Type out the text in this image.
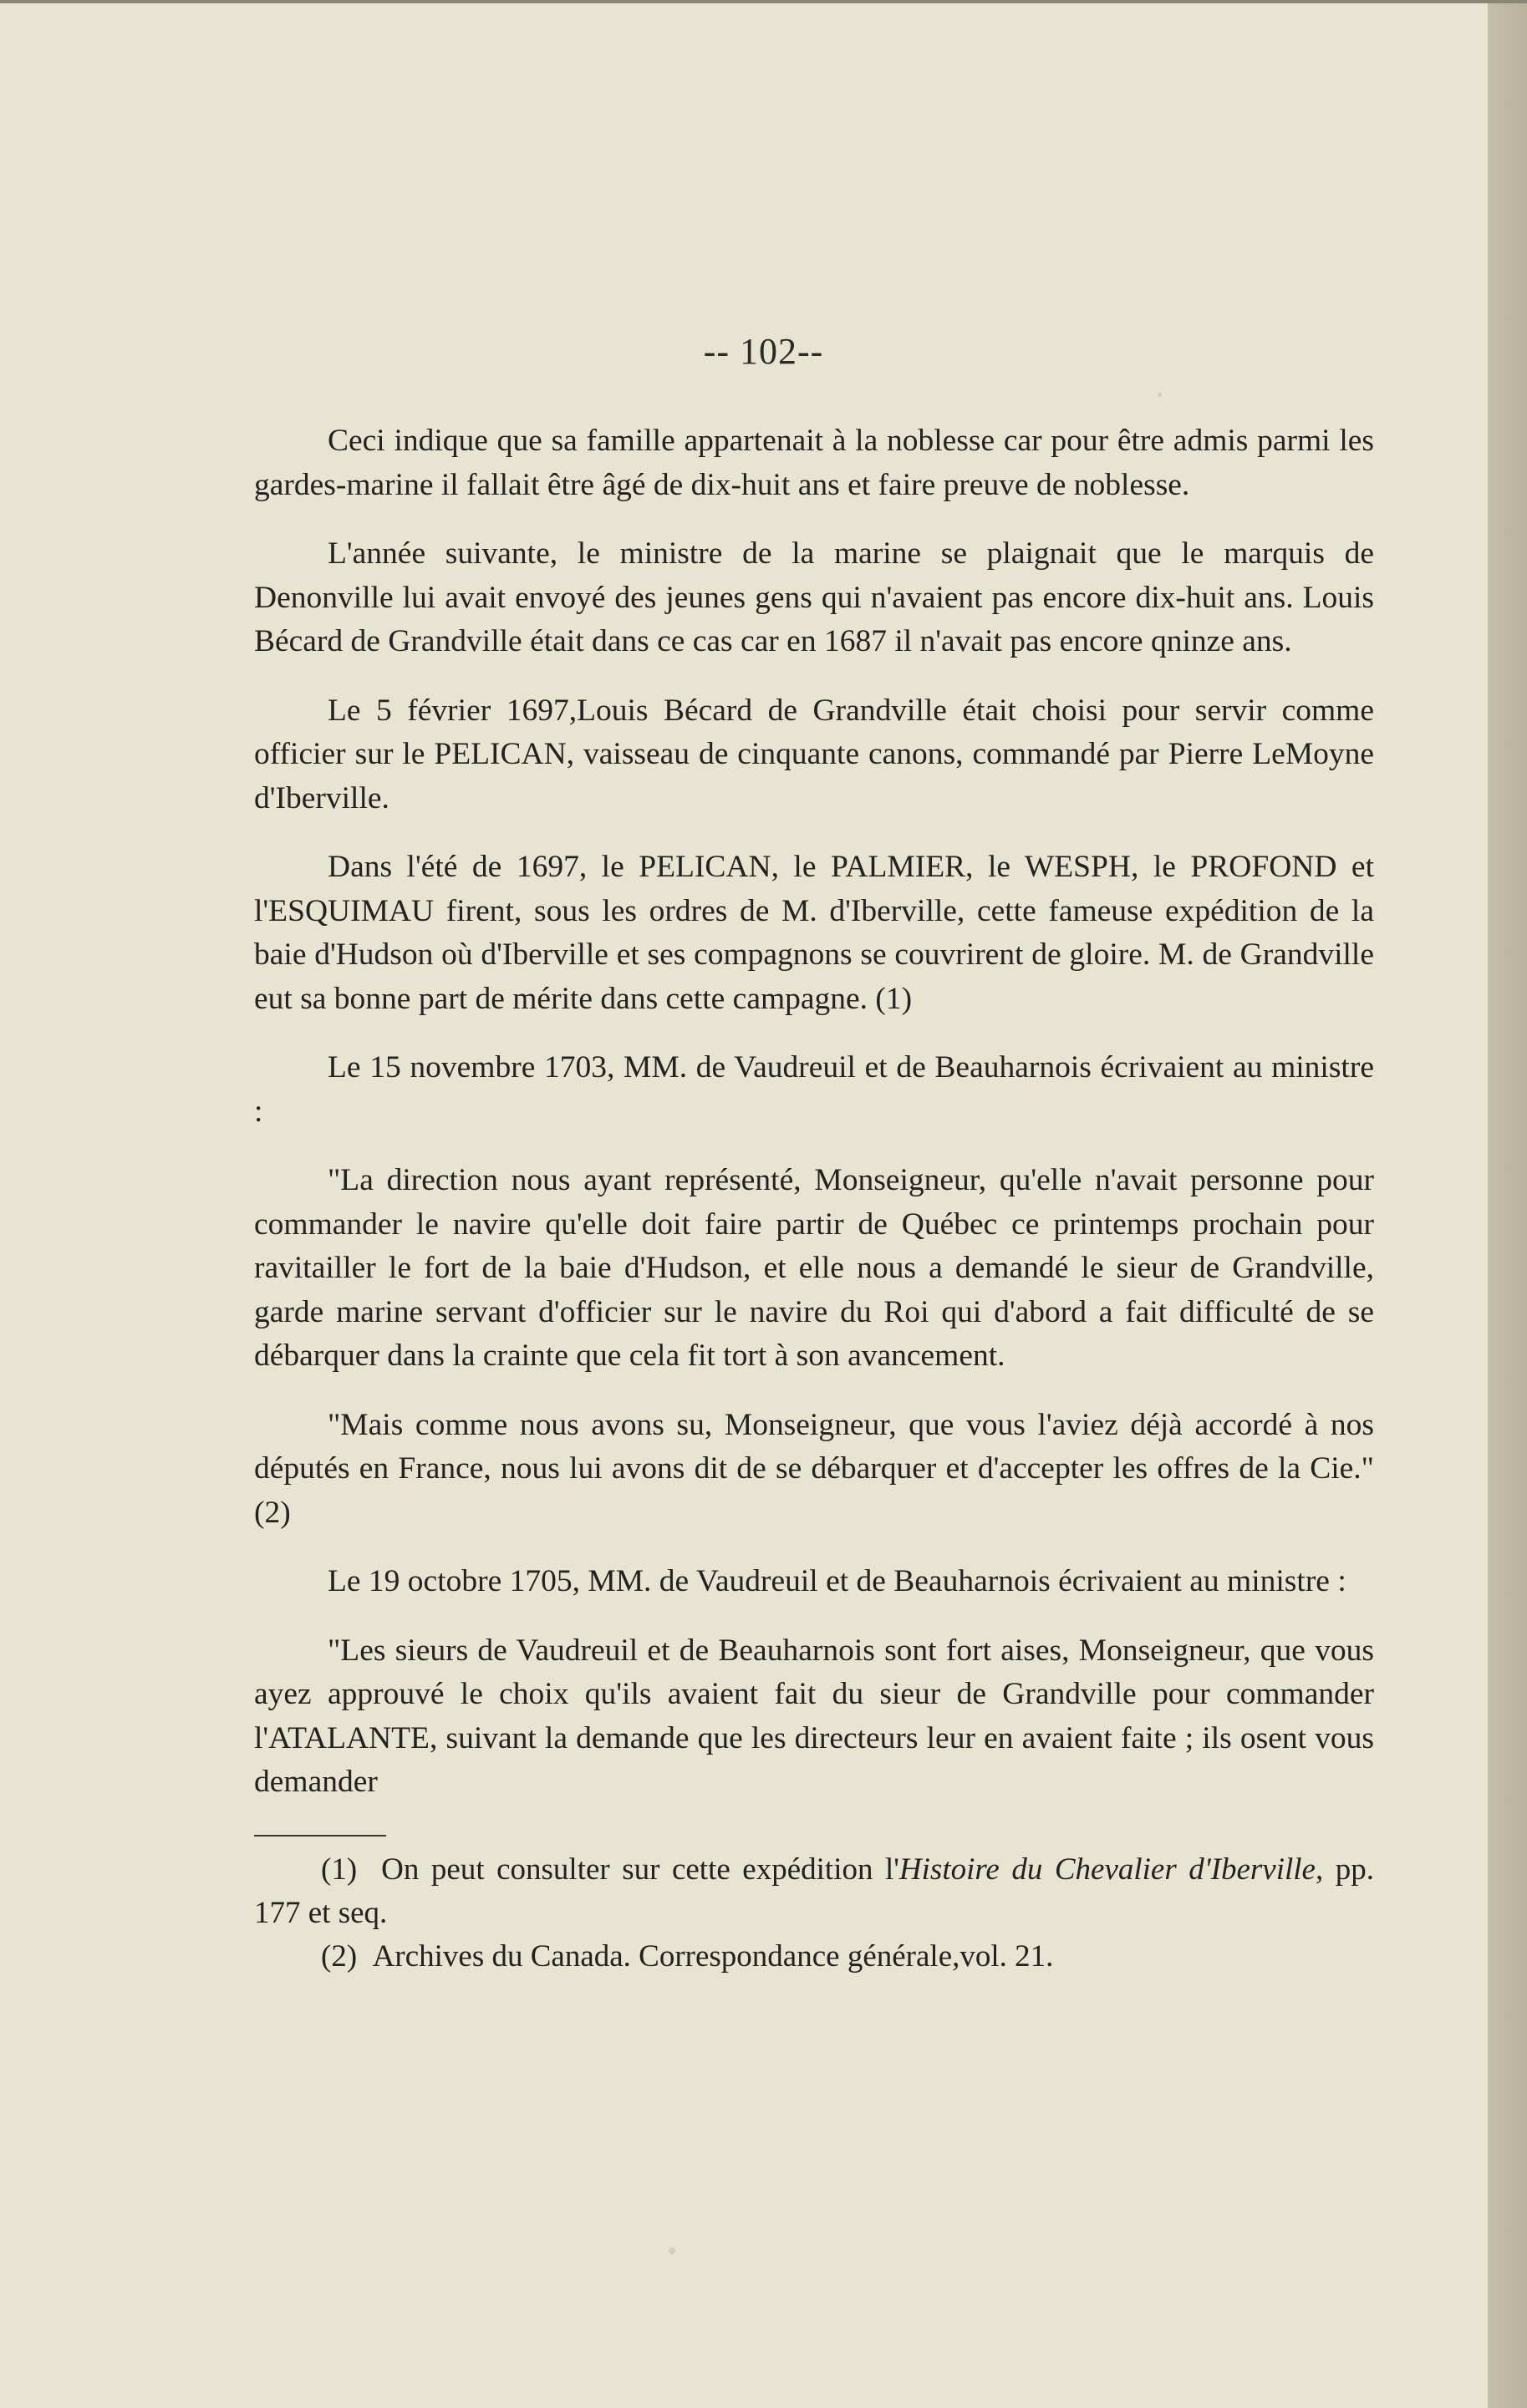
-- 102--

Ceci indique que sa famille appartenait à la noblesse car pour être admis parmi les gardes-marine il fallait être âgé de dix-huit ans et faire preuve de noblesse.

L'année suivante, le ministre de la marine se plaignait que le marquis de Denonville lui avait envoyé des jeunes gens qui n'avaient pas encore dix-huit ans. Louis Bécard de Grandville était dans ce cas car en 1687 il n'avait pas encore qninze ans.

Le 5 février 1697,Louis Bécard de Grandville était choisi pour servir comme officier sur le PELICAN, vaisseau de cinquante canons, commandé par Pierre LeMoyne d'Iberville.

Dans l'été de 1697, le PELICAN, le PALMIER, le WESPH, le PROFOND et l'ESQUIMAU firent, sous les ordres de M. d'Iberville, cette fameuse expédition de la baie d'Hudson où d'Iberville et ses compagnons se couvrirent de gloire. M. de Grandville eut sa bonne part de mérite dans cette campagne. (1)

Le 15 novembre 1703, MM. de Vaudreuil et de Beauharnois écrivaient au ministre :

"La direction nous ayant représenté, Monseigneur, qu'elle n'avait personne pour commander le navire qu'elle doit faire partir de Québec ce printemps prochain pour ravitailler le fort de la baie d'Hudson, et elle nous a demandé le sieur de Grandville, garde marine servant d'officier sur le navire du Roi qui d'abord a fait difficulté de se débarquer dans la crainte que cela fit tort à son avancement.

"Mais comme nous avons su, Monseigneur, que vous l'aviez déjà accordé à nos députés en France, nous lui avons dit de se débarquer et d'accepter les offres de la Cie." (2)

Le 19 octobre 1705, MM. de Vaudreuil et de Beauharnois écrivaient au ministre :

"Les sieurs de Vaudreuil et de Beauharnois sont fort aises, Monseigneur, que vous ayez approuvé le choix qu'ils avaient fait du sieur de Grandville pour commander l'ATALANTE, suivant la demande que les directeurs leur en avaient faite ; ils osent vous demander

(1) On peut consulter sur cette expédition l'Histoire du Chevalier d'Iberville, pp. 177 et seq.

(2) Archives du Canada. Correspondance générale,vol. 21.
